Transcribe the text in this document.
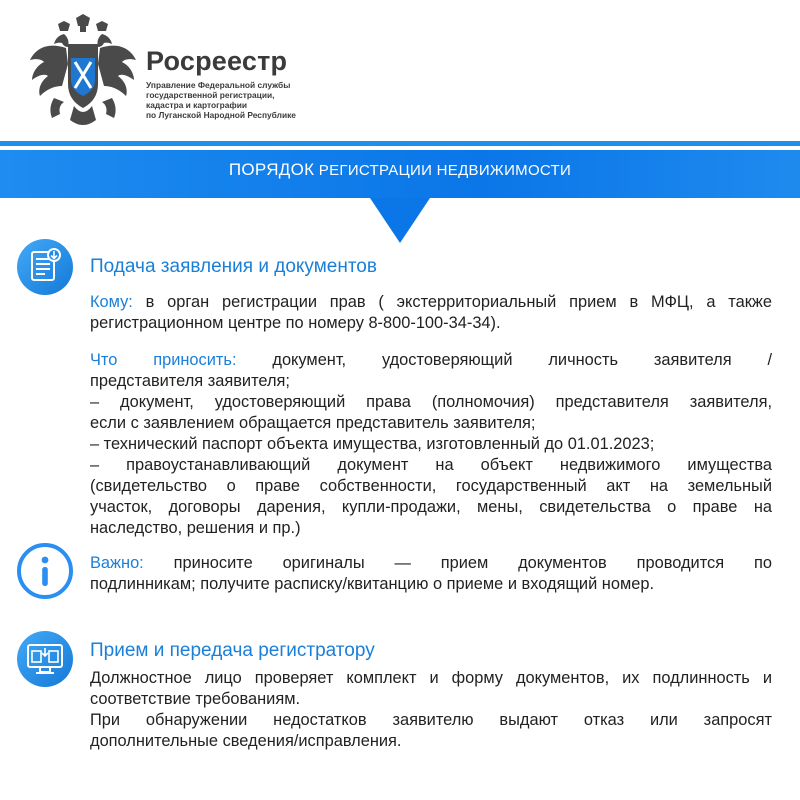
Росреестр
Управление Федеральной службы
государственной регистрации,
кадастра и картографии
по Луганской Народной Республике
ПОРЯДОК РЕГИСТРАЦИИ НЕДВИЖИМОСТИ
Подача заявления и документов
Кому: в орган регистрации прав ( экстерриториальный прием в МФЦ, а также
регистрационном центре по номеру 8-800-100-34-34).
Что приносить: документ, удостоверяющий личность заявителя /
представителя заявителя;
– документ, удостоверяющий права (полномочия) представителя заявителя,
если с заявлением обращается представитель заявителя;
– технический паспорт объекта имущества, изготовленный до 01.01.2023;
– правоустанавливающий документ на объект недвижимого имущества
(свидетельство о праве собственности, государственный акт на земельный
участок, договоры дарения, купли-продажи, мены, свидетельства о праве на
наследство, решения и пр.)
Важно: приносите оригиналы — прием документов проводится по
подлинникам; получите расписку/квитанцию о приеме и входящий номер.
Прием и передача регистратору
Должностное лицо проверяет комплект и форму документов, их подлинность и
соответствие требованиям.
При обнаружении недостатков заявителю выдают отказ или запросят
дополнительные сведения/исправления.
